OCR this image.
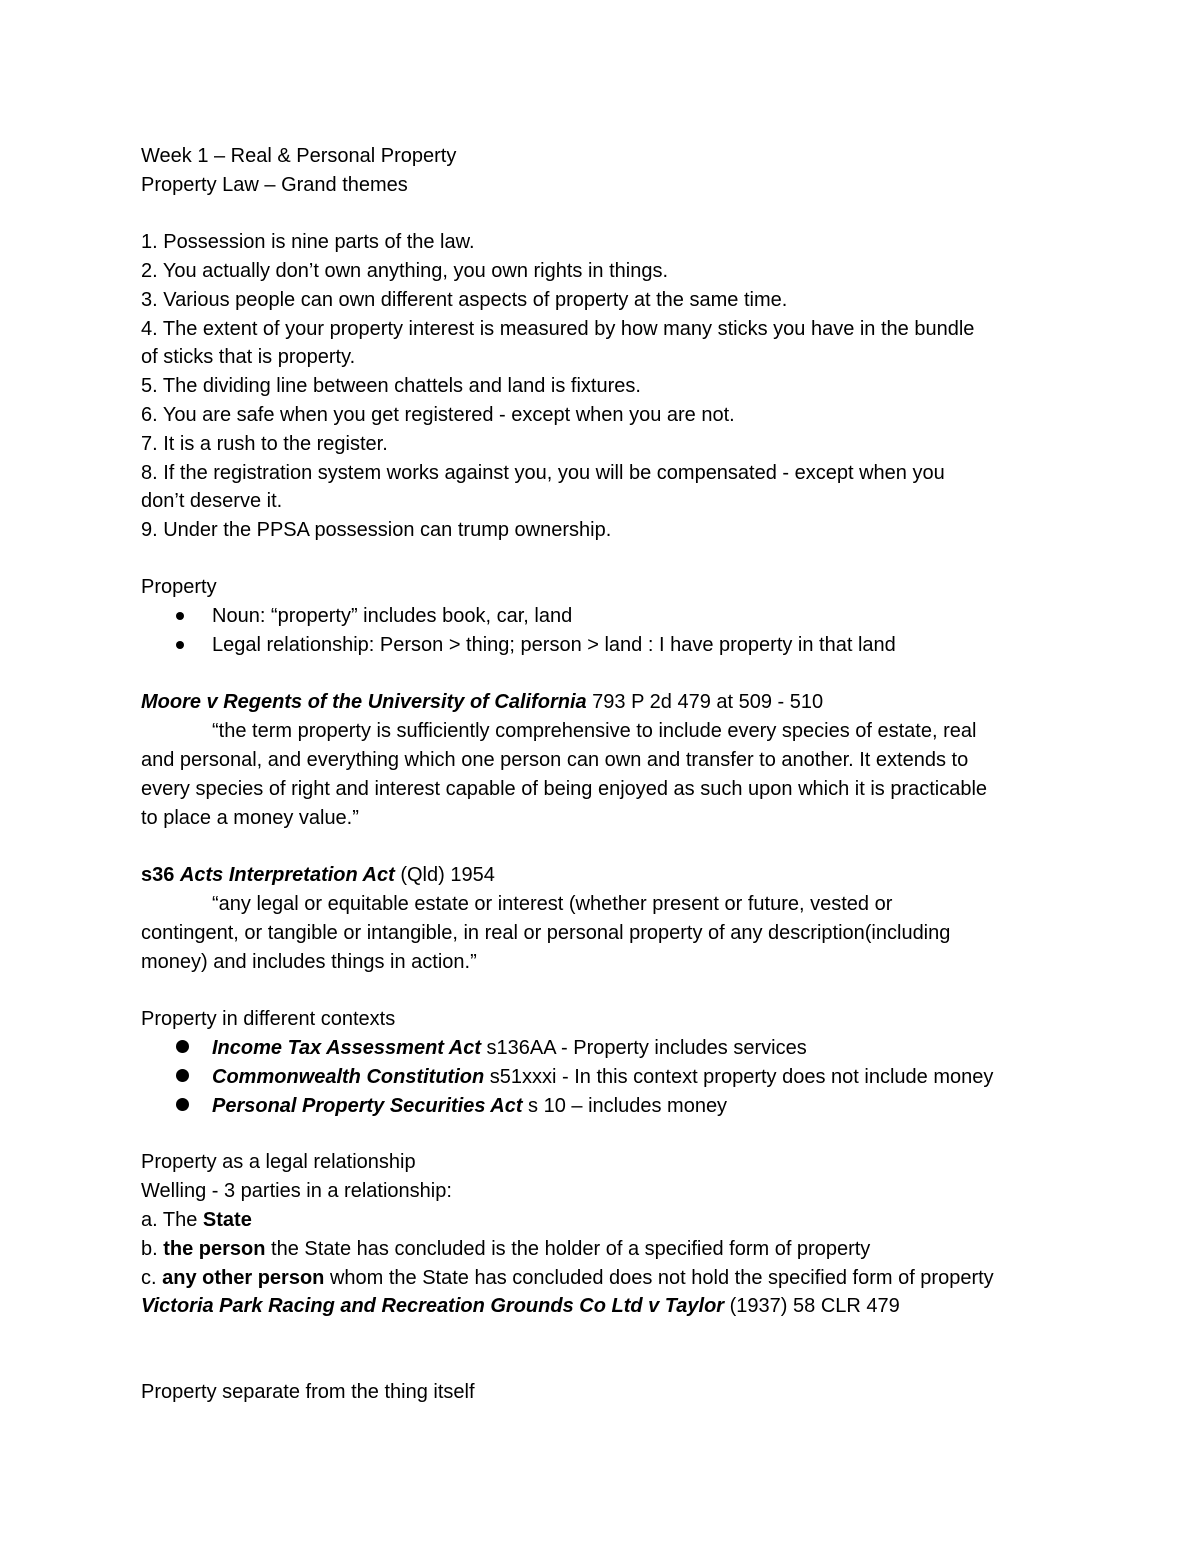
Week 1 – Real & Personal Property
Property Law – Grand themes
1. Possession is nine parts of the law.
2. You actually don’t own anything, you own rights in things.
3. Various people can own different aspects of property at the same time.
4. The extent of your property interest is measured by how many sticks you have in the bundle
of sticks that is property.
5. The dividing line between chattels and land is fixtures.
6. You are safe when you get registered - except when you are not.
7. It is a rush to the register.
8. If the registration system works against you, you will be compensated - except when you
don’t deserve it.
9. Under the PPSA possession can trump ownership.
Property
Noun: “property” includes book, car, land
Legal relationship: Person > thing; person > land : I have property in that land
Moore v Regents of the University of California 793 P 2d 479 at 509 - 510
“the term property is sufficiently comprehensive to include every species of estate, real
and personal, and everything which one person can own and transfer to another. It extends to
every species of right and interest capable of being enjoyed as such upon which it is practicable
to place a money value.”
s36 Acts Interpretation Act (Qld) 1954
“any legal or equitable estate or interest (whether present or future, vested or
contingent, or tangible or intangible, in real or personal property of any description(including
money) and includes things in action.”
Property in different contexts
Income Tax Assessment Act s136AA - Property includes services
Commonwealth Constitution s51xxxi - In this context property does not include money
Personal Property Securities Act s 10 – includes money
Property as a legal relationship
Welling - 3 parties in a relationship:
a. The State
b. the person the State has concluded is the holder of a specified form of property
c. any other person whom the State has concluded does not hold the specified form of property
Victoria Park Racing and Recreation Grounds Co Ltd v Taylor (1937) 58 CLR 479
Property separate from the thing itself
